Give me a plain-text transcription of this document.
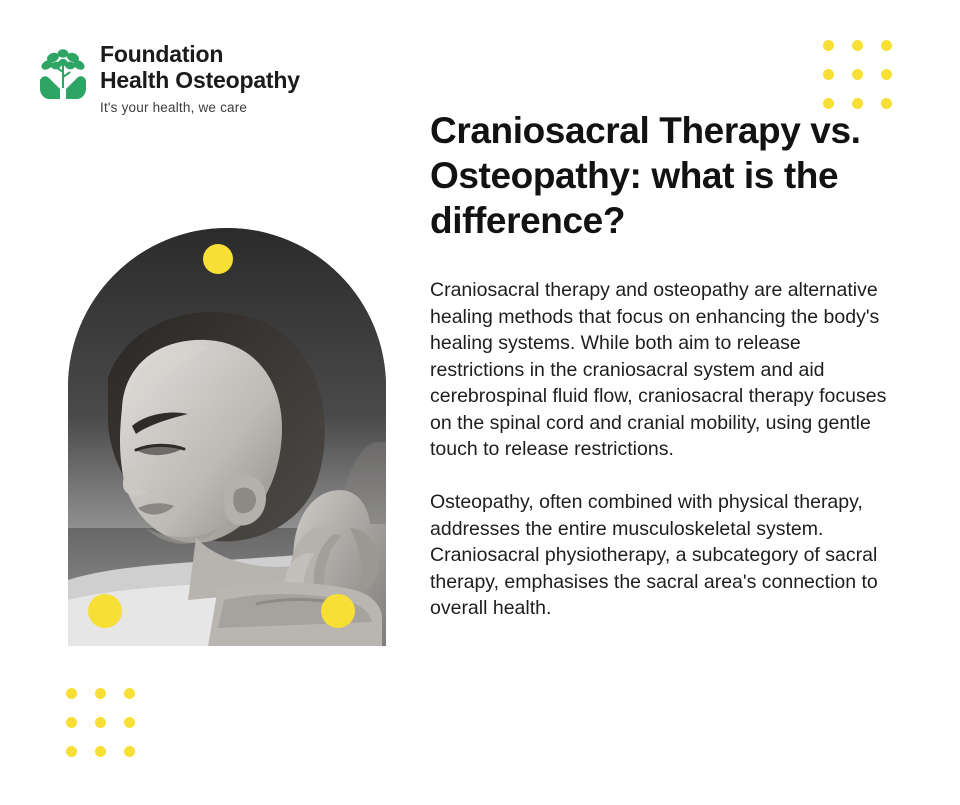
Foundation
Health Osteopathy
It's your health, we care
Craniosacral Therapy vs. Osteopathy: what is the difference?

Craniosacral therapy and osteopathy are alternative healing methods that focus on enhancing the body's healing systems. While both aim to release restrictions in the craniosacral system and aid cerebrospinal fluid flow, craniosacral therapy focuses on the spinal cord and cranial mobility, using gentle touch to release restrictions.

Osteopathy, often combined with physical therapy, addresses the entire musculoskeletal system. Craniosacral physiotherapy, a subcategory of sacral therapy, emphasises the sacral area's connection to overall health.
